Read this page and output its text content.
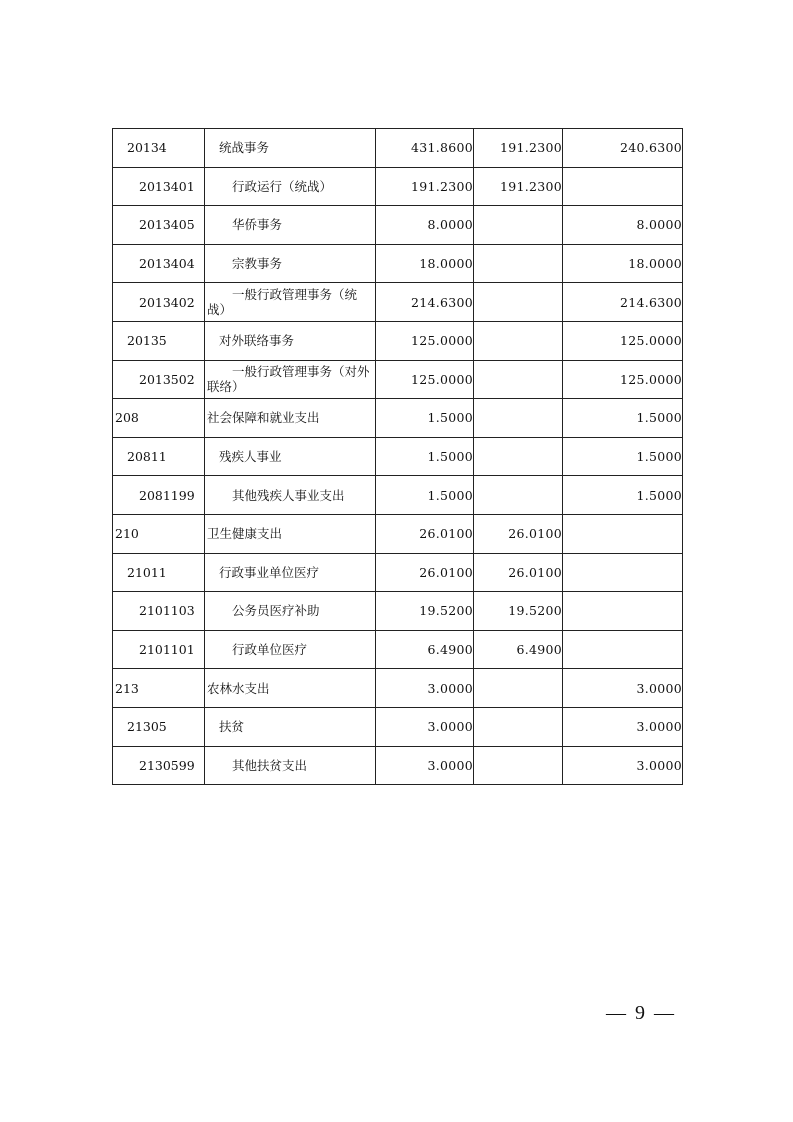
20134	统战事务	431.8600	191.2300	240.6300
2013401	行政运行（统战）	191.2300	191.2300	
2013405	华侨事务	8.0000		8.0000
2013404	宗教事务	18.0000		18.0000
2013402	一般行政管理事务（统战）	214.6300		214.6300
20135	对外联络事务	125.0000		125.0000
2013502	一般行政管理事务（对外联络）	125.0000		125.0000
208	社会保障和就业支出	1.5000		1.5000
20811	残疾人事业	1.5000		1.5000
2081199	其他残疾人事业支出	1.5000		1.5000
210	卫生健康支出	26.0100	26.0100	
21011	行政事业单位医疗	26.0100	26.0100	
2101103	公务员医疗补助	19.5200	19.5200	
2101101	行政单位医疗	6.4900	6.4900	
213	农林水支出	3.0000		3.0000
21305	扶贫	3.0000		3.0000
2130599	其他扶贫支出	3.0000		3.0000
— 9 —
